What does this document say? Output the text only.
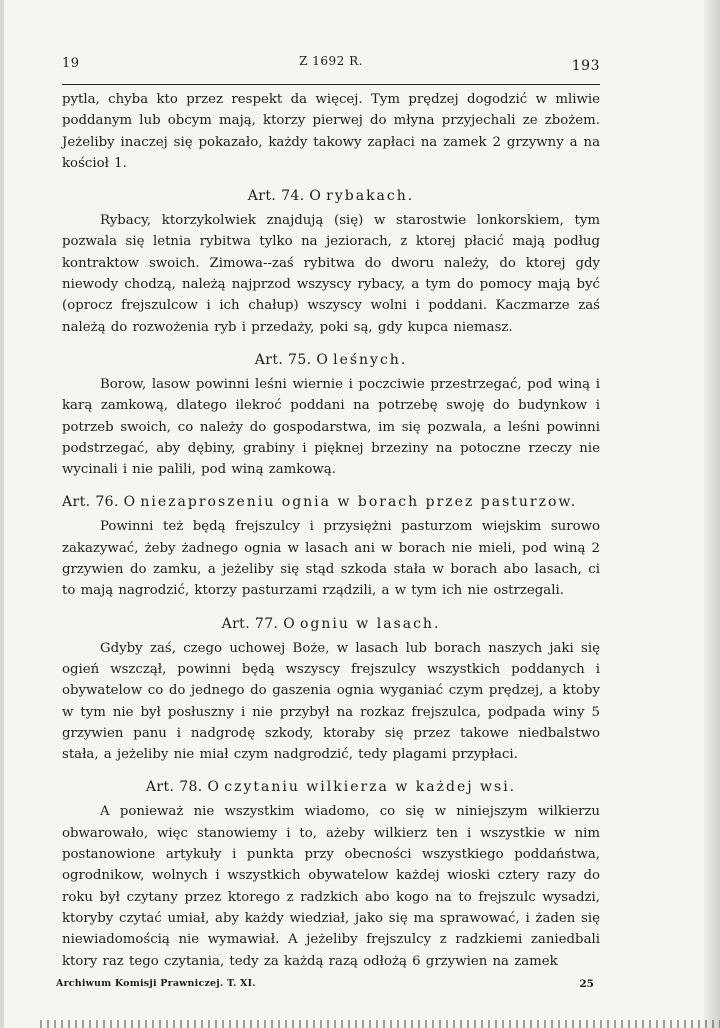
19	Z 1692 R.	193

pytla, chyba kto przez respekt da więcej. Tym prędzej dogodzić w mliwie poddanym lub obcym mają, ktorzy pierwej do młyna przyjechali ze zbożem. Jeżeliby inaczej się pokazało, każdy takowy zapłaci na zamek 2 grzywny a na kościoł 1.

Art. 74. O rybakach.

Rybacy, ktorzykolwiek znajdują (się) w starostwie lonkorskiem, tym pozwala się letnia rybitwa tylko na jeziorach, z ktorej płacić mają podług kontraktow swoich. Zimowa--zaś rybitwa do dworu należy, do ktorej gdy niewody chodzą, należą najprzod wszyscy rybacy, a tym do pomocy mają być (oprocz frejszulcow i ich chałup) wszyscy wolni i poddani. Kaczmarze zaś należą do rozwożenia ryb i przedaży, poki są, gdy kupca niemasz.

Art. 75. O leśnych.

Borow, lasow powinni leśni wiernie i poczciwie przestrzegać, pod winą i karą zamkową, dlatego ilekroć poddani na potrzebę swoję do budynkow i potrzeb swoich, co należy do gospodarstwa, im się pozwala, a leśni powinni podstrzegać, aby dębiny, grabiny i pięknej brzeziny na potoczne rzeczy nie wycinali i nie palili, pod winą zamkową.

Art. 76. O niezaproszeniu ognia w borach przez pasturzow.

Powinni też będą frejszulcy i przysiężni pasturzom wiejskim surowo zakazywać, żeby żadnego ognia w lasach ani w borach nie mieli, pod winą 2 grzywien do zamku, a jeżeliby się stąd szkoda stała w borach abo lasach, ci to mają nagrodzić, ktorzy pasturzami rządzili, a w tym ich nie ostrzegali.

Art. 77. O ogniu w lasach.

Gdyby zaś, czego uchowej Boże, w lasach lub borach naszych jaki się ogień wszczął, powinni będą wszyscy frejszulcy wszystkich poddanych i obywatelow co do jednego do gaszenia ognia wyganiać czym prędzej, a ktoby w tym nie był posłuszny i nie przybył na rozkaz frejszulca, podpada winy 5 grzywien panu i nadgrodę szkody, ktoraby się przez takowe niedbalstwo stała, a jeżeliby nie miał czym nadgrodzić, tedy plagami przypłaci.

Art. 78. O czytaniu wilkierza w każdej wsi.

A ponieważ nie wszystkim wiadomo, co się w niniejszym wilkierzu obwarowało, więc stanowiemy i to, ażeby wilkierz ten i wszystkie w nim postanowione artykuły i punkta przy obecności wszystkiego poddaństwa, ogrodnikow, wolnych i wszystkich obywatelow każdej wioski cztery razy do roku był czytany przez ktorego z radzkich abo kogo na to frejszulc wysadzi, ktoryby czytać umiał, aby każdy wiedział, jako się ma sprawować, i żaden się niewiadomością nie wymawiał. A jeżeliby frejszulcy z radzkiemi zaniedbali ktory raz tego czytania, tedy za każdą razą odłożą 6 grzywien na zamek

Archiwum Komisji Prawniczej. T. XI.	25
